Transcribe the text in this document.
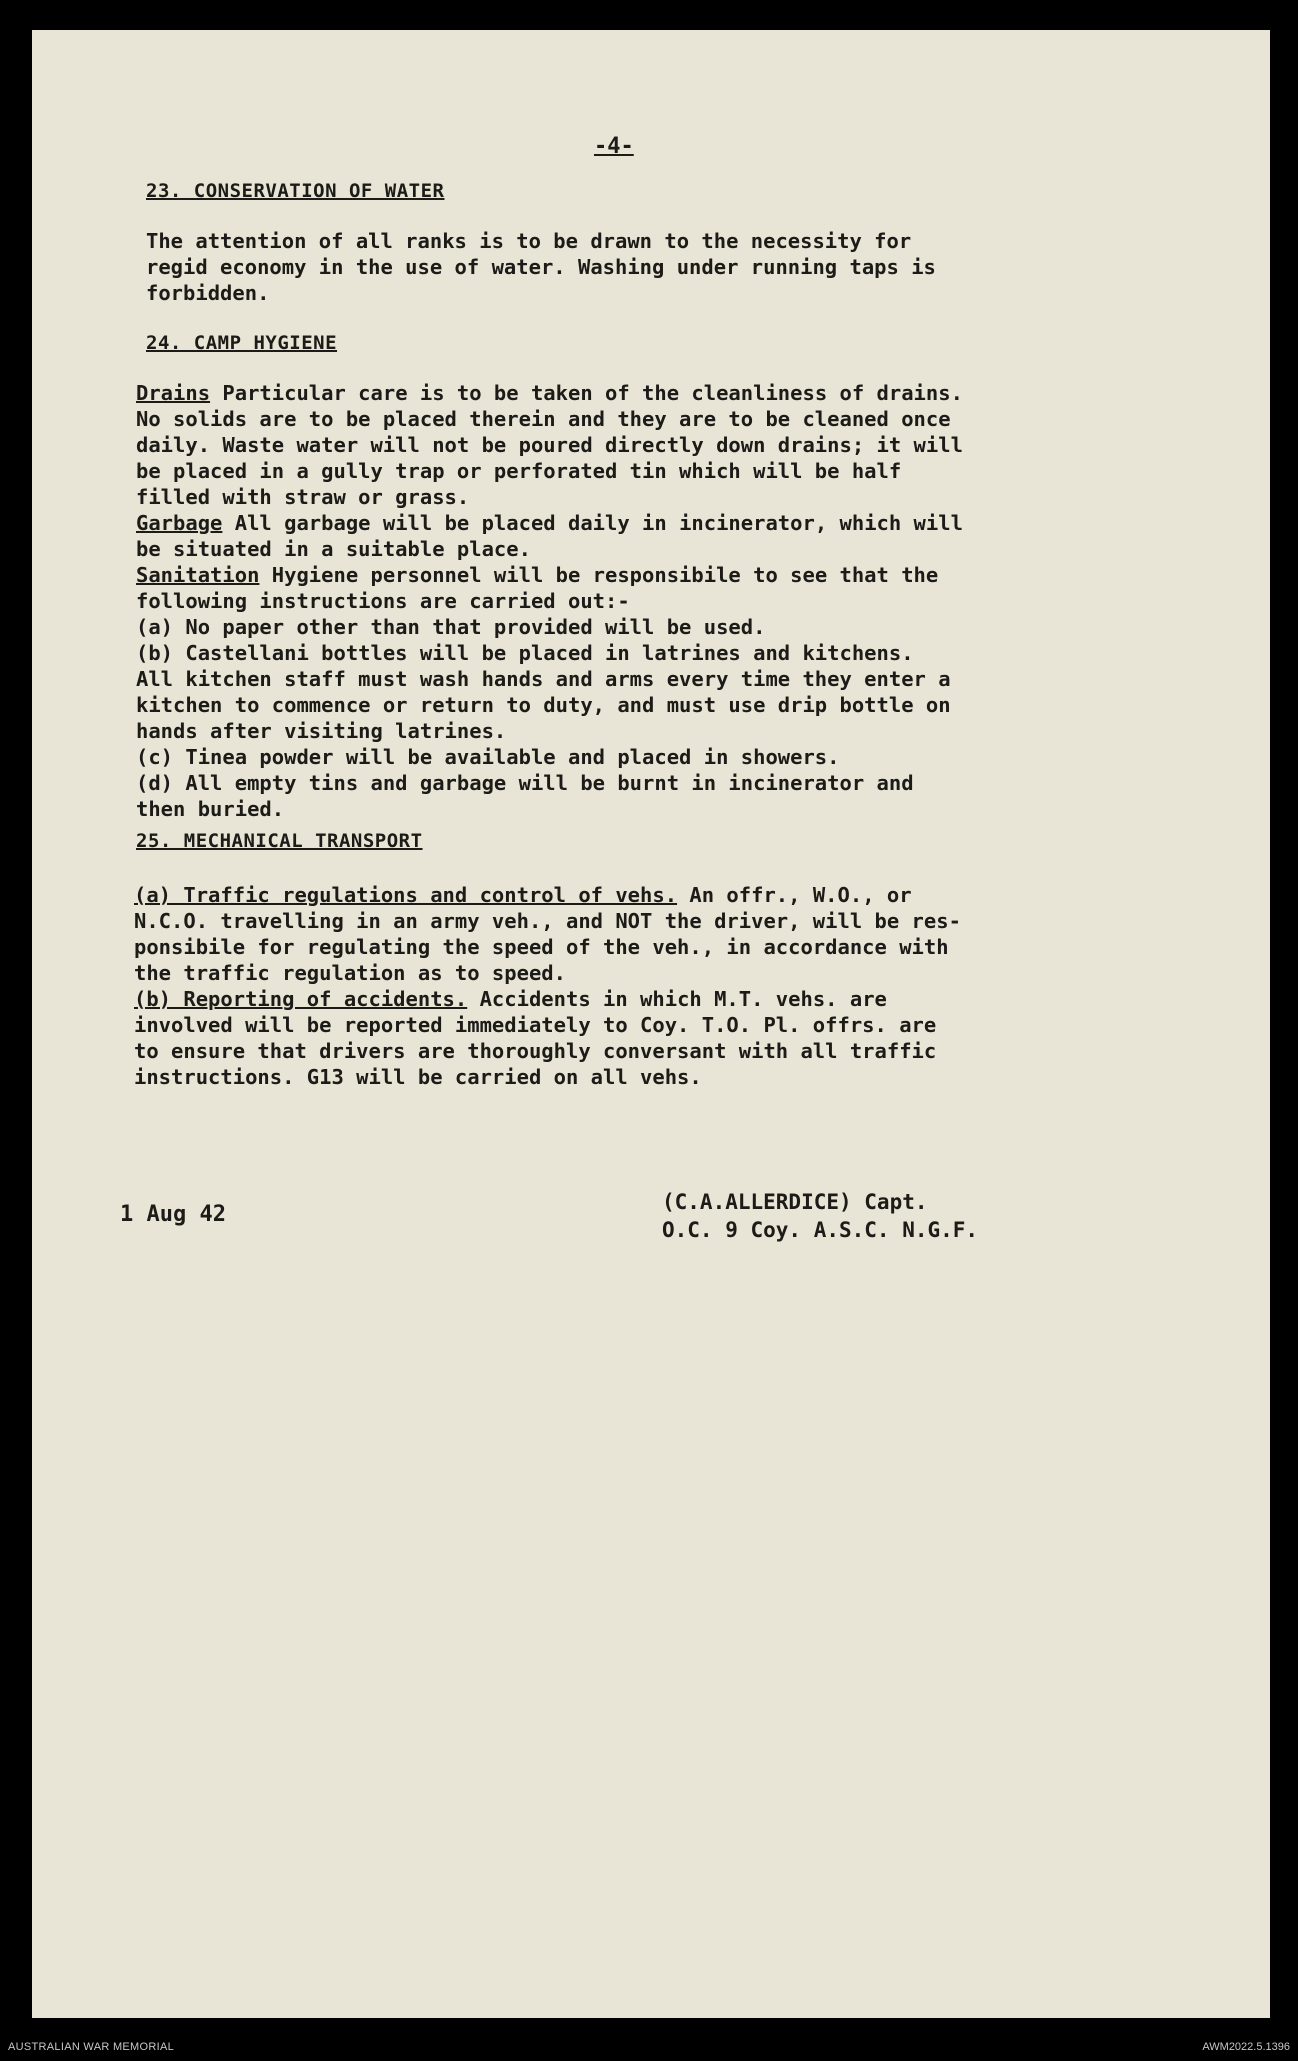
-4-
23. CONSERVATION OF WATER
The attention of all ranks is to be drawn to the necessity for
regid economy in the use of water. Washing under running taps is
forbidden.
24. CAMP HYGIENE
Drains Particular care is to be taken of the cleanliness of drains.
No solids are to be placed therein and they are to be cleaned once
daily. Waste water will not be poured directly down drains; it will
be placed in a gully trap or perforated tin which will be half
filled with straw or grass.
Garbage All garbage will be placed daily in incinerator, which will
be situated in a suitable place.
Sanitation Hygiene personnel will be responsibile to see that the
following instructions are carried out:-
(a) No paper other than that provided will be used.
(b) Castellani bottles will be placed in latrines and kitchens.
All kitchen staff must wash hands and arms every time they enter a
kitchen to commence or return to duty, and must use drip bottle on
hands after visiting latrines.
(c) Tinea powder will be available and placed in showers.
(d) All empty tins and garbage will be burnt in incinerator and
then buried.
25. MECHANICAL TRANSPORT
(a) Traffic regulations and control of vehs. An offr., W.O., or
N.C.O. travelling in an army veh., and NOT the driver, will be res-
ponsibile for regulating the speed of the veh., in accordance with
the traffic regulation as to speed.
(b) Reporting of accidents. Accidents in which M.T. vehs. are
involved will be reported immediately to Coy. T.O. Pl. offrs. are
to ensure that drivers are thoroughly conversant with all traffic
instructions. G13 will be carried on all vehs.
1 Aug 42	(C.A.ALLERDICE) Capt.
O.C. 9 Coy. A.S.C. N.G.F.
AUSTRALIAN WAR MEMORIAL	AWM2022.5.1396
